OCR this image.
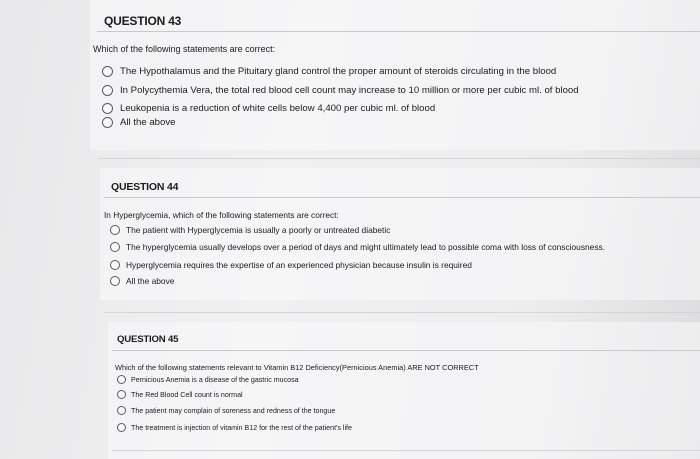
QUESTION 43
Which of the following statements are correct:
The Hypothalamus and the Pituitary gland control the proper amount of steroids circulating in the blood
In Polycythemia Vera, the total red blood cell count may increase to 10 million or more per cubic ml. of blood
Leukopenia is a reduction of white cells below 4,400 per cubic ml. of blood
All the above
QUESTION 44
In Hyperglycemia, which of the following statements are correct:
The patient with Hyperglycemia is usually a poorly or untreated diabetic
The hyperglycemia usually develops over a period of days and might ultimately lead to possible coma with loss of consciousness.
Hyperglycemia requires the expertise of an experienced physician because insulin is required
All the above
QUESTION 45
Which of the following statements relevant to Vitamin B12 Deficiency(Pernicious Anemia) ARE NOT CORRECT
Pernicious Anemia is a disease of the gastric mucosa
The Red Blood Cell count is normal
The patient may complain of soreness and redness of the tongue
The treatment is injection of vitamin B12 for the rest of the patient's life
